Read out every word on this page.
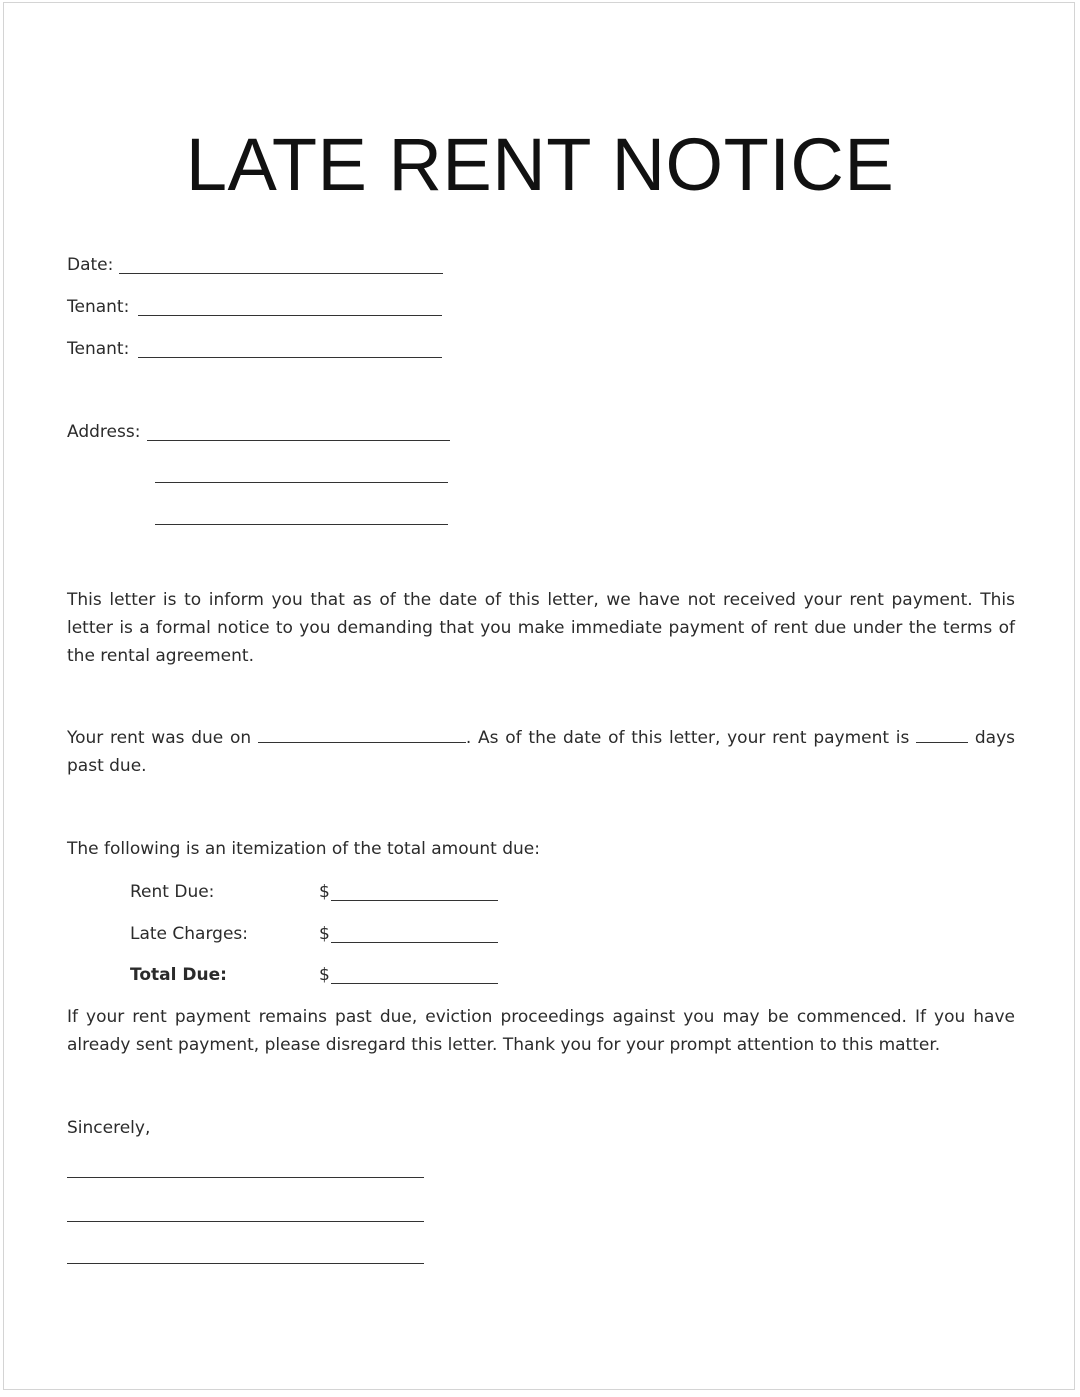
LATE RENT NOTICE
Date:
Tenant:
Tenant:
Address:
This letter is to inform you that as of the date of this letter, we have not received your rent payment. This letter is a formal notice to you demanding that you make immediate payment of rent due under the terms of the rental agreement.
Your rent was due on	. As of the date of this letter, your rent payment is	days past due.
The following is an itemization of the total amount due:
Rent Due:	$
Late Charges:	$
Total Due:	$
If your rent payment remains past due, eviction proceedings against you may be commenced. If you have already sent payment, please disregard this letter. Thank you for your prompt attention to this matter.
Sincerely,
